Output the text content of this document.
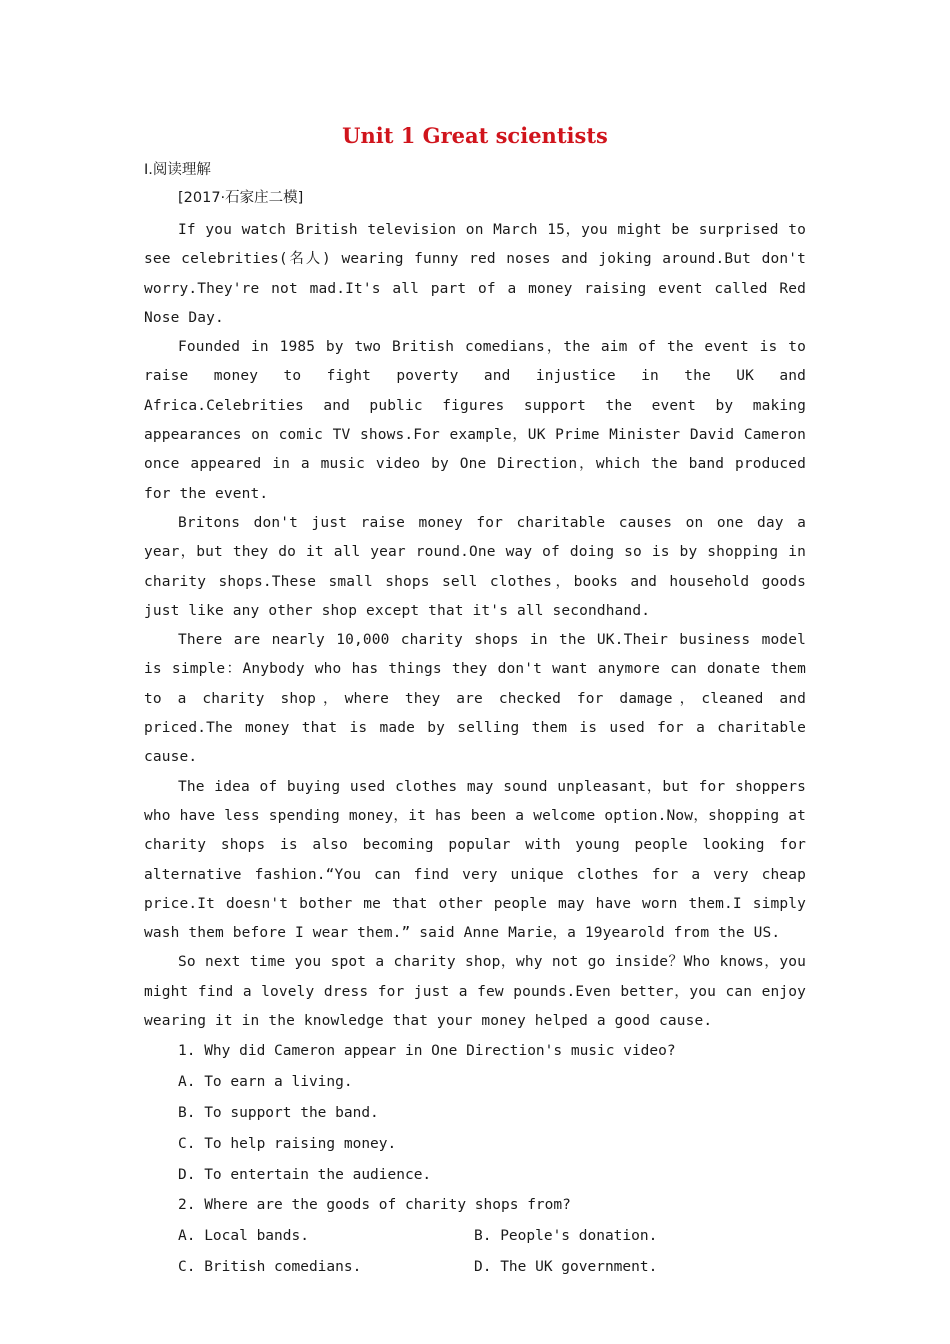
Unit 1 Great scientists

Ⅰ.阅读理解

[2017·石家庄二模]

If you watch British television on March 15，you might be surprised to see celebrities(名人) wearing funny red noses and joking around.But don't worry.They're not mad.It's all part of a money raising event called Red Nose Day.

Founded in 1985 by two British comedians，the aim of the event is to raise money to fight poverty and injustice in the UK and Africa.Celebrities and public figures support the event by making appearances on comic TV shows.For example，UK Prime Minister David Cameron once appeared in a music video by One Direction，which the band produced for the event.

Britons don't just raise money for charitable causes on one day a year，but they do it all year round.One way of doing so is by shopping in charity shops.These small shops sell clothes，books and household goods just like any other shop except that it's all secondhand.

There are nearly 10,000 charity shops in the UK.Their business model is simple：Anybody who has things they don't want anymore can donate them to a charity shop，where they are checked for damage，cleaned and priced.The money that is made by selling them is used for a charitable cause.

The idea of buying used clothes may sound unpleasant，but for shoppers who have less spending money，it has been a welcome option.Now，shopping at charity shops is also becoming popular with young people looking for alternative fashion.“You can find very unique clothes for a very cheap price.It doesn't bother me that other people may have worn them.I simply wash them before I wear them.” said Anne Marie，a 19yearold from the US.

So next time you spot a charity shop，why not go inside？Who knows，you might find a lovely dress for just a few pounds.Even better，you can enjoy wearing it in the knowledge that your money helped a good cause.

1. Why did Cameron appear in One Direction's music video?

A. To earn a living.

B. To support the band.

C. To help raising money.

D. To entertain the audience.

2. Where are the goods of charity shops from?

A. Local bands.	B. People's donation.
C. British comedians.	D. The UK government.
